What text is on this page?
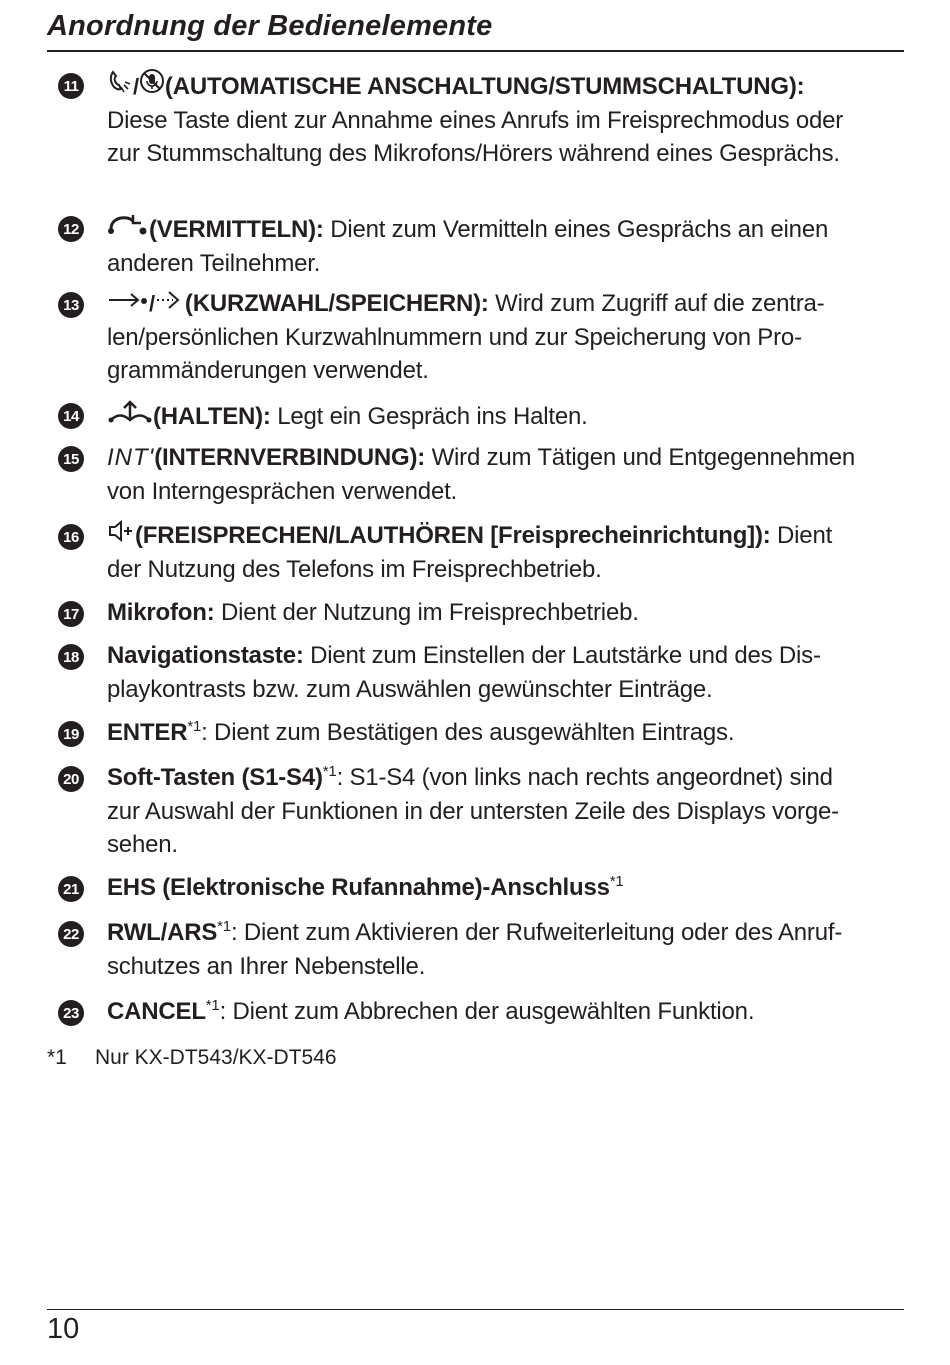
Anordnung der Bedienelemente
11	/(AUTOMATISCHE ANSCHALTUNG/STUMMSCHALTUNG):
Diese Taste dient zur Annahme eines Anrufs im Freisprechmodus oder zur Stummschaltung des Mikrofons/Hörers während eines Gesprächs.
12	(VERMITTELN): Dient zum Vermitteln eines Gesprächs an einen anderen Teilnehmer.
13	/ (KURZWAHL/SPEICHERN): Wird zum Zugriff auf die zentralen/persönlichen Kurzwahlnummern und zur Speicherung von Programmänderungen verwendet.
14	(HALTEN): Legt ein Gespräch ins Halten.
15 INT'(INTERNVERBINDUNG): Wird zum Tätigen und Entgegennehmen von Interngesprächen verwendet.
16	(FREISPRECHEN/LAUTHÖREN [Freisprecheinrichtung]): Dient der Nutzung des Telefons im Freisprechbetrieb.
17 Mikrofon: Dient der Nutzung im Freisprechbetrieb.
18 Navigationstaste: Dient zum Einstellen der Lautstärke und des Displaykontrasts bzw. zum Auswählen gewünschter Einträge.
19 ENTER$^{*1}$: Dient zum Bestätigen des ausgewählten Eintrags.
20 Soft-Tasten $(S1-S4)^{*1}$: S1-S4 (von links nach rechts angeordnet) sind zur Auswahl der Funktionen in der untersten Zeile des Displays vorgesehen.
21 EHS (Elektronische Rufannahme)-Anschluss$^{*1}$
22 RWL/ARS$^{*1}$: Dient zum Aktivieren der Rufweiterleitung oder des Anrufschutzes an Ihrer Nebenstelle.
23 CANCEL$^{*1}$: Dient zum Abbrechen der ausgewählten Funktion.
*1 Nur KX-DT543/KX-DT546
10
